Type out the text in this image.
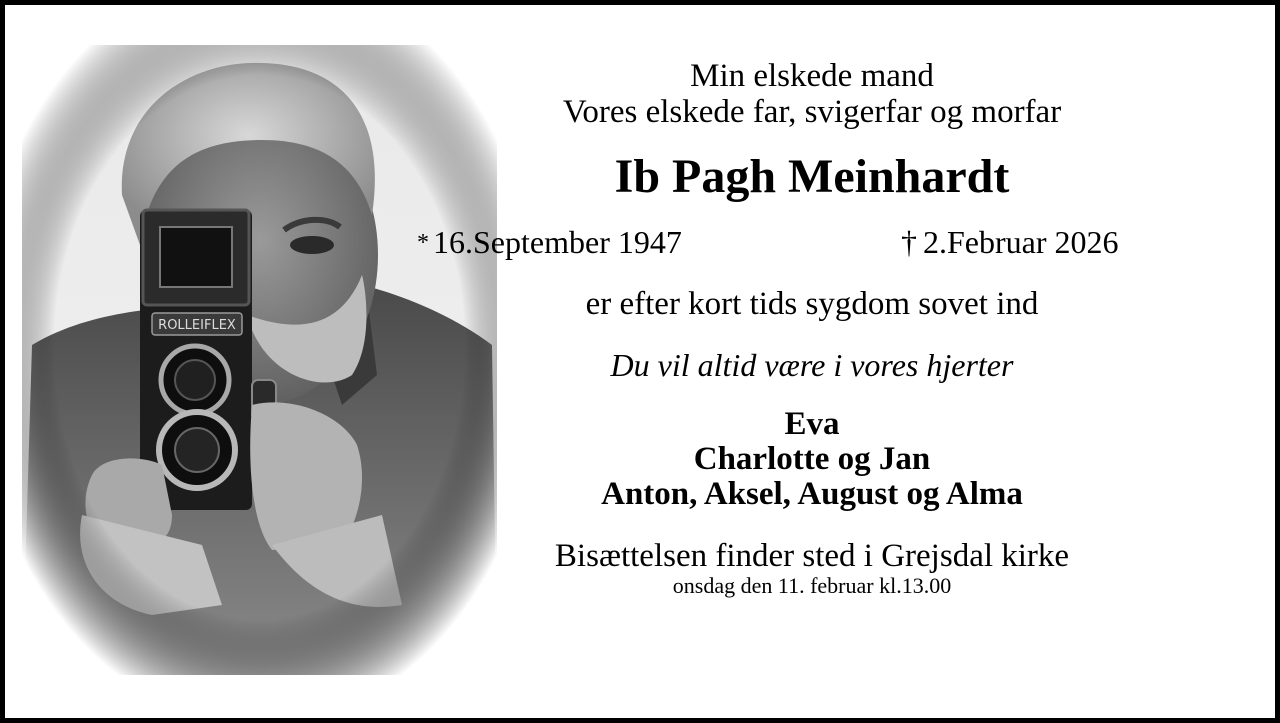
Min elskede mand
Vores elskede far, svigerfar og morfar
Ib Pagh Meinhardt
er efter kort tids sygdom sovet ind
Du vil altid være i vores hjerter
Eva
Charlotte og Jan
Anton, Aksel, August og Alma
Bisættelsen finder sted i Grejsdal kirke
onsdag den 11. februar kl.13.00
* 16.September 1947	† 2.Februar 2026
